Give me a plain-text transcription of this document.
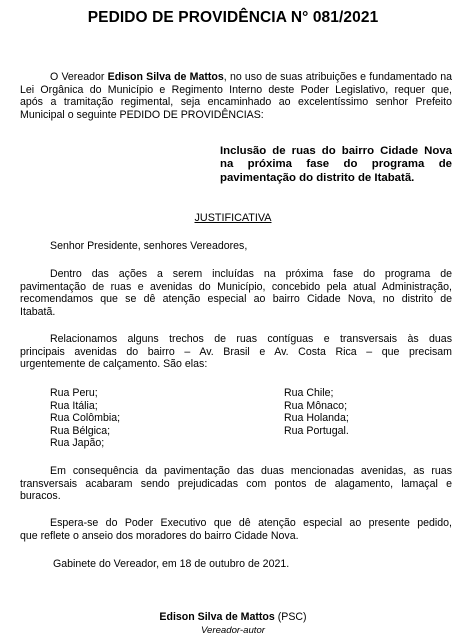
PEDIDO DE PROVIDÊNCIA N° 081/2021
O Vereador Edison Silva de Mattos, no uso de suas atribuições e fundamentado na
Lei Orgânica do Município e Regimento Interno deste Poder Legislativo, requer que,
após a tramitação regimental, seja encaminhado ao excelentíssimo senhor Prefeito
Municipal o seguinte PEDIDO DE PROVIDÊNCIAS:
Inclusão de ruas do bairro Cidade Nova
na próxima fase do programa de
pavimentação do distrito de Itabatã.
JUSTIFICATIVA
Senhor Presidente, senhores Vereadores,
Dentro das ações a serem incluídas na próxima fase do programa de
pavimentação de ruas e avenidas do Município, concebido pela atual Administração,
recomendamos que se dê atenção especial ao bairro Cidade Nova, no distrito de
Itabatã.
Relacionamos alguns trechos de ruas contíguas e transversais às duas
principais avenidas do bairro – Av. Brasil e Av. Costa Rica – que precisam
urgentemente de calçamento. São elas:
Rua Peru;
Rua Itália;
Rua Colômbia;
Rua Bélgica;
Rua Japão;
Rua Chile;
Rua Mônaco;
Rua Holanda;
Rua Portugal.
Em consequência da pavimentação das duas mencionadas avenidas, as ruas
transversais acabaram sendo prejudicadas com pontos de alagamento, lamaçal e
buracos.
Espera-se do Poder Executivo que dê atenção especial ao presente pedido,
que reflete o anseio dos moradores do bairro Cidade Nova.
Gabinete do Vereador, em 18 de outubro de 2021.
Edison Silva de Mattos (PSC)
Vereador-autor
